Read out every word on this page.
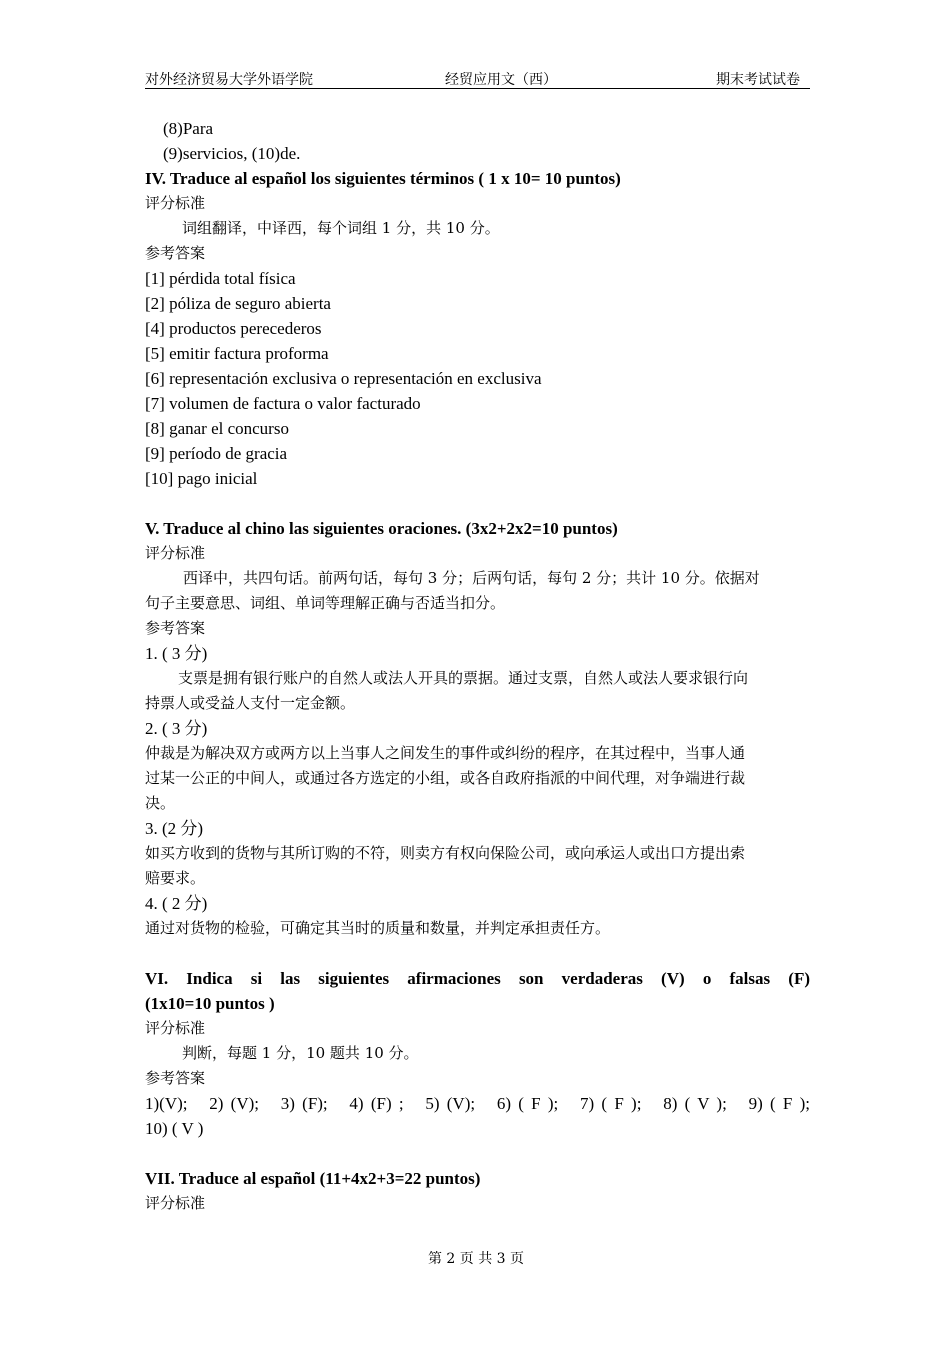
对外经济贸易大学外语学院	经贸应用文（西）	期末考试试卷
(8)Para
(9)servicios, (10)de.
IV. Traduce al español los siguientes términos ( 1 x 10= 10 puntos)
评分标准
词组翻译，中译西，每个词组 1 分，共 10 分。
参考答案
[1] pérdida total física
[2] póliza de seguro abierta
[4] productos perecederos
[5] emitir factura proforma
[6] representación exclusiva o representación en exclusiva
[7] volumen de factura o valor facturado
[8] ganar el concurso
[9] período de gracia
[10] pago inicial
V. Traduce al chino las siguientes oraciones. (3x2+2x2=10 puntos)
评分标准
西译中，共四句话。前两句话，每句 3 分；后两句话，每句 2 分；共计 10 分。依据对
句子主要意思、词组、单词等理解正确与否适当扣分。
参考答案
1. ( 3 分)
支票是拥有银行账户的自然人或法人开具的票据。通过支票，自然人或法人要求银行向
持票人或受益人支付一定金额。
2. ( 3 分)
仲裁是为解决双方或两方以上当事人之间发生的事件或纠纷的程序，在其过程中，当事人通
过某一公正的中间人，或通过各方选定的小组，或各自政府指派的中间代理，对争端进行裁
决。
3. (2 分)
如买方收到的货物与其所订购的不符，则卖方有权向保险公司，或向承运人或出口方提出索
赔要求。
4. ( 2 分)
通过对货物的检验，可确定其当时的质量和数量，并判定承担责任方。
VI. Indica si las siguientes afirmaciones son verdaderas (V) o falsas (F)
(1x10=10 puntos )
评分标准
判断，每题 1 分，10 题共 10 分。
参考答案
1)(V);   2) (V);   3) (F);   4) (F) ;   5) (V);   6) ( F );   7) ( F );   8) ( V );   9) ( F );
10) ( V )
VII. Traduce al español (11+4x2+3=22 puntos)
评分标准
第 2 页 共 3 页
